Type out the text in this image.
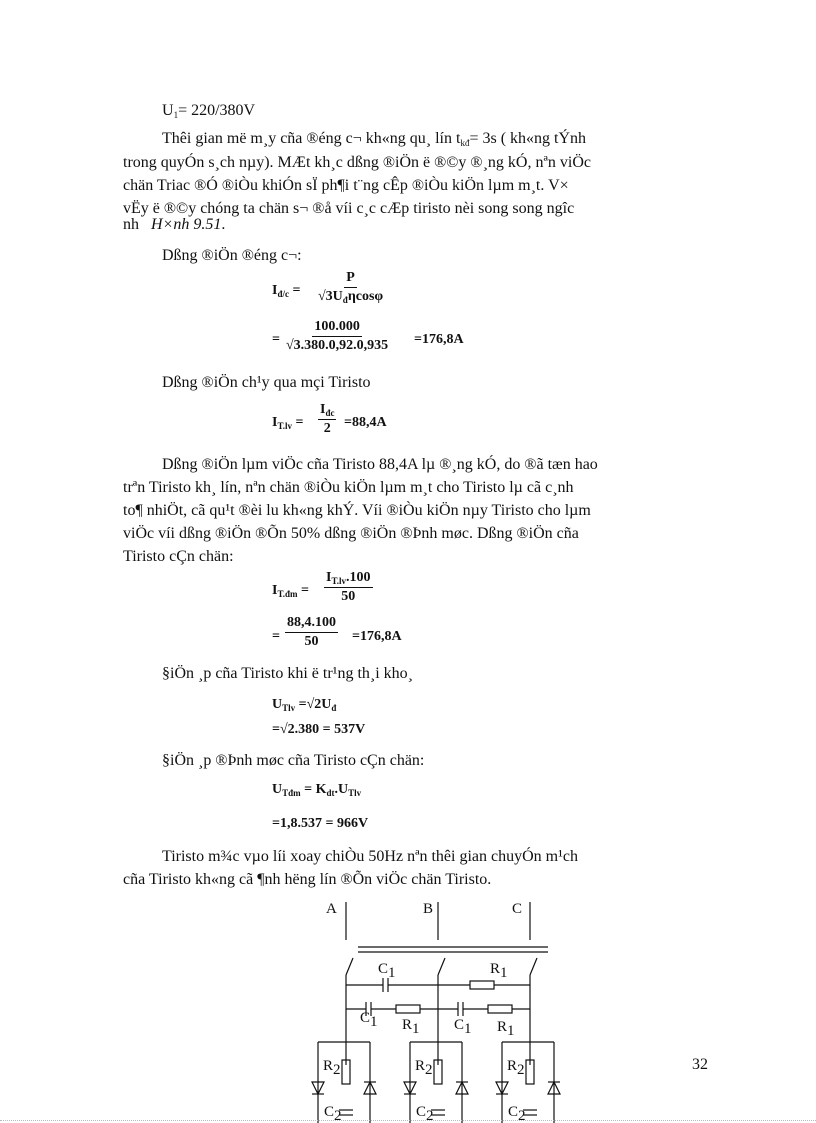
$U_1= 220/380V$
Thêi gian më m¸y cña ®éng c¬ kh«ng qu¸ lín $t_{kđ}= 3s$ ( kh«ng tÝnh
trong quyÓn s¸ch nµy). MÆt kh¸c dßng ®iÖn ë ®©y ®¸ng kÓ, nªn viÖc
chän Triac ®Ó ®iÒu khiÓn sÏ ph¶i t¨ng cÊp ®iÒu kiÖn lµm m¸t. V×
vËy ë ®©y chóng ta chän s¬ ®å víi c¸c cÆp tiristo nèi song song ngîc
nh H×nh 9.51.
Dßng ®iÖn ®éng c¬:
$I_{đ/c}$ =
P
$√3U_đ\eta\cos\varphi$
= $\frac{100.000}{√3.380.0,92.0,935} =176,8A$
Dßng ®iÖn ch¹y qua mçi Tiristo
$I_{T.lv}$ =
$I_{đc}$
2 =88,4A
Dßng ®iÖn lµm viÖc cña Tiristo 88,4A lµ ®¸ng kÓ, do ®ã tæn hao
trªn Tiristo kh¸ lín, nªn chän ®iÒu kiÖn lµm m¸t cho Tiristo lµ cã c¸nh
to¶ nhiÖt, cã qu¹t ®èi lu kh«ng khÝ. Víi ®iÒu kiÖn nµy Tiristo cho lµm
viÖc víi dßng ®iÖn ®Õn 50% dßng ®iÖn ®Þnh møc. Dßng ®iÖn cña
Tiristo cÇn chän:
$I_{T.đm} = \frac{I_{T.lv}.100}{50}$
= $\frac{88,4.100}{50} =176,8A$
§iÖn ¸p cña Tiristo khi ë tr¹ng th¸i kho¸
$U_{Tlv} =√2U_đ$
=√2.380 = 537V
§iÖn ¸p ®Þnh møc cña Tiristo cÇn chän:
$U_{Tđm} = K_{dt}.U_{Tlv}$
=1,8.537 = 966V
Tiristo m¾c vµo líi xoay chiÒu 50Hz nªn thêi gian chuyÓn m¹ch
cña Tiristo kh«ng cã ¶nh hëng lín ®Õn viÖc chän Tiristo.
A	B	C
C1	R1
C1 R1 C1 R1
R2	R2	R2
C2	C2	C2
32
